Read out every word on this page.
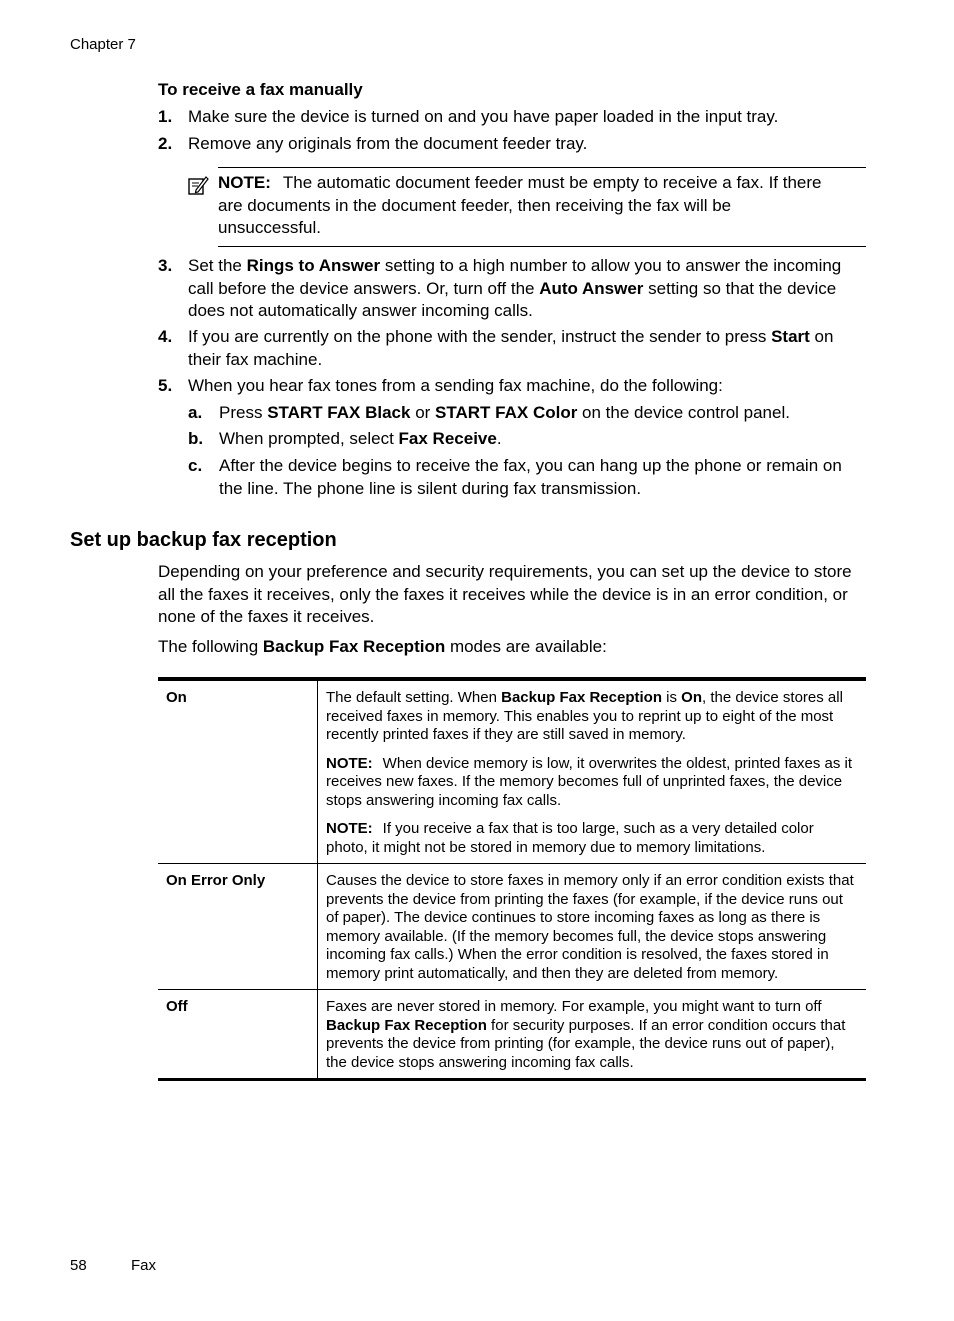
Chapter 7
To receive a fax manually
1. Make sure the device is turned on and you have paper loaded in the input tray.
2. Remove any originals from the document feeder tray.
NOTE: The automatic document feeder must be empty to receive a fax. If there are documents in the document feeder, then receiving the fax will be unsuccessful.
3. Set the Rings to Answer setting to a high number to allow you to answer the incoming call before the device answers. Or, turn off the Auto Answer setting so that the device does not automatically answer incoming calls.
4. If you are currently on the phone with the sender, instruct the sender to press Start on their fax machine.
5. When you hear fax tones from a sending fax machine, do the following:
a. Press START FAX Black or START FAX Color on the device control panel.
b. When prompted, select Fax Receive.
c. After the device begins to receive the fax, you can hang up the phone or remain on the line. The phone line is silent during fax transmission.
Set up backup fax reception
Depending on your preference and security requirements, you can set up the device to store all the faxes it receives, only the faxes it receives while the device is in an error condition, or none of the faxes it receives.
The following Backup Fax Reception modes are available:
On	The default setting. When Backup Fax Reception is On, the device stores all received faxes in memory. This enables you to reprint up to eight of the most recently printed faxes if they are still saved in memory.

NOTE: When device memory is low, it overwrites the oldest, printed faxes as it receives new faxes. If the memory becomes full of unprinted faxes, the device stops answering incoming fax calls.

NOTE: If you receive a fax that is too large, such as a very detailed color photo, it might not be stored in memory due to memory limitations.

On Error Only	Causes the device to store faxes in memory only if an error condition exists that prevents the device from printing the faxes (for example, if the device runs out of paper). The device continues to store incoming faxes as long as there is memory available. (If the memory becomes full, the device stops answering incoming fax calls.) When the error condition is resolved, the faxes stored in memory print automatically, and then they are deleted from memory.

Off	Faxes are never stored in memory. For example, you might want to turn off Backup Fax Reception for security purposes. If an error condition occurs that prevents the device from printing (for example, the device runs out of paper), the device stops answering incoming fax calls.

58	Fax
